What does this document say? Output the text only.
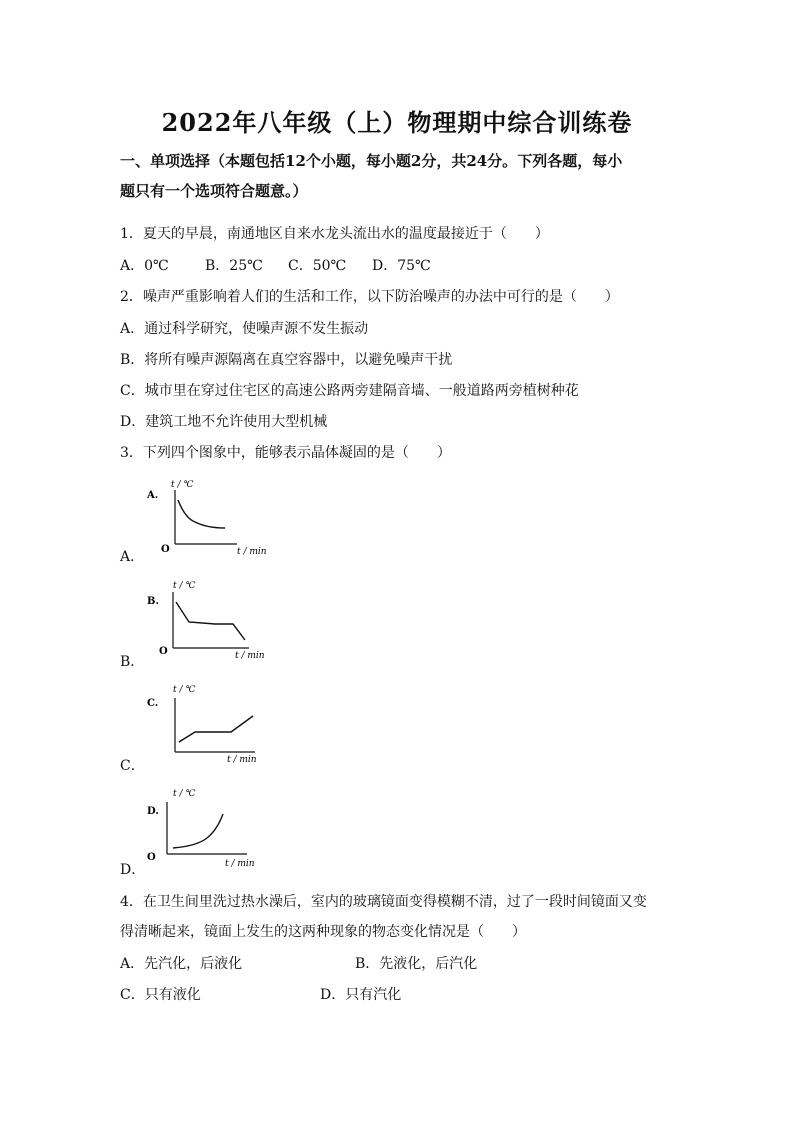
2022年八年级（上）物理期中综合训练卷
一、单项选择（本题包括12个小题，每小题2分，共24分。下列各题，每小
题只有一个选项符合题意。）
1．夏天的早晨，南通地区自来水龙头流出水的温度最接近于（　　）
A．0℃	B．25℃ C．50℃ D．75℃
2．噪声严重影响着人们的生活和工作，以下防治噪声的办法中可行的是（　　）
A．通过科学研究，使噪声源不发生振动
B．将所有噪声源隔离在真空容器中，以避免噪声干扰
C．城市里在穿过住宅区的高速公路两旁建隔音墙、一般道路两旁植树种花
D．建筑工地不允许使用大型机械
3．下列四个图象中，能够表示晶体凝固的是（　　）
A.
t / ℃
O	t / min
A．
B.
t / ℃
O	t / min
B．
C.
t / ℃
t / min
C．
D.
t / ℃
O
t / min
D．
4．在卫生间里洗过热水澡后，室内的玻璃镜面变得模糊不清，过了一段时间镜面又变
得清晰起来，镜面上发生的这两种现象的物态变化情况是（　　）
A．先汽化，后液化	B．先液化，后汽化
C．只有液化	D．只有汽化
